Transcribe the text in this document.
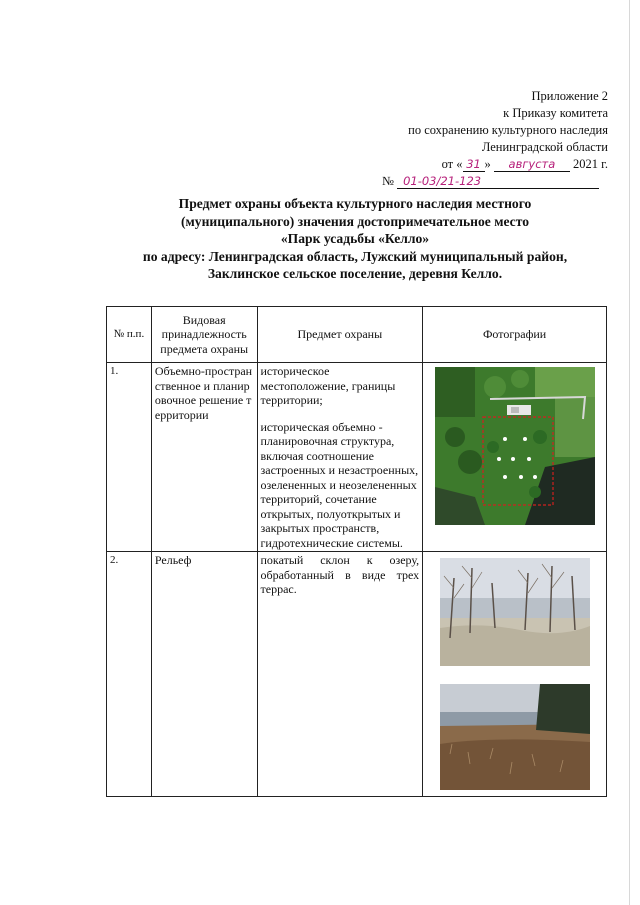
Приложение 2
к Приказу комитета
по сохранению культурного наследия
Ленинградской области
от « 31 » августа 2021 г.
№ 01-03/21-123
Предмет охраны объекта культурного наследия местного
(муниципального) значения достопримечательное место
«Парк усадьбы «Келло»
по адресу: Ленинградская область, Лужский муниципальный район,
Заклинское сельское поселение, деревня Келло.
№ п.п.	Видовая принадлежность предмета охраны	Предмет охраны	Фотографии
1.	Объемно-пространственное и планировочное решение территории	историческое местоположение, границы территории;
историческая объемно - планировочная структура, включая соотношение застроенных и незастроенных, озелененных и неозелененных территорий, сочетание открытых, полуоткрытых и закрытых пространств, гидротехнические системы.

2.	Рельеф	покатый склон к озеру, обработанный в виде трех террас.	
